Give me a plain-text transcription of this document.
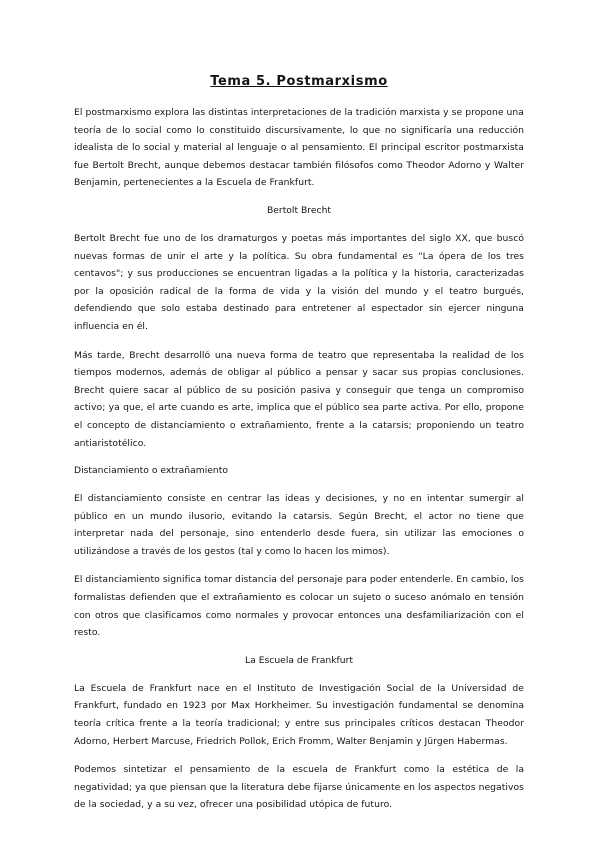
Tema 5. Postmarxismo

El postmarxismo explora las distintas interpretaciones de la tradición marxista y se propone una teoría de lo social como lo constituido discursivamente, lo que no significaría una reducción idealista de lo social y material al lenguaje o al pensamiento. El principal escritor postmarxista fue Bertolt Brecht, aunque debemos destacar también filósofos como Theodor Adorno y Walter Benjamin, pertenecientes a la Escuela de Frankfurt.

Bertolt Brecht

Bertolt Brecht fue uno de los dramaturgos y poetas más importantes del siglo XX, que buscó nuevas formas de unir el arte y la política. Su obra fundamental es "La ópera de los tres centavos"; y sus producciones se encuentran ligadas a la política y la historia, caracterizadas por la oposición radical de la forma de vida y la visión del mundo y el teatro burgués, defendiendo que solo estaba destinado para entretener al espectador sin ejercer ninguna influencia en él.

Más tarde, Brecht desarrolló una nueva forma de teatro que representaba la realidad de los tiempos modernos, además de obligar al público a pensar y sacar sus propias conclusiones. Brecht quiere sacar al público de su posición pasiva y conseguir que tenga un compromiso activo; ya que, el arte cuando es arte, implica que el público sea parte activa. Por ello, propone el concepto de distanciamiento o extrañamiento, frente a la catarsis; proponiendo un teatro antiaristotélico.

Distanciamiento o extrañamiento

El distanciamiento consiste en centrar las ideas y decisiones, y no en intentar sumergir al público en un mundo ilusorio, evitando la catarsis. Según Brecht, el actor no tiene que interpretar nada del personaje, sino entenderlo desde fuera, sin utilizar las emociones o utilizándose a través de los gestos (tal y como lo hacen los mimos).

El distanciamiento significa tomar distancia del personaje para poder entenderle. En cambio, los formalistas defienden que el extrañamiento es colocar un sujeto o suceso anómalo en tensión con otros que clasificamos como normales y provocar entonces una desfamiliarización con el resto.

La Escuela de Frankfurt

La Escuela de Frankfurt nace en el Instituto de Investigación Social de la Universidad de Frankfurt, fundado en 1923 por Max Horkheimer. Su investigación fundamental se denomina teoría crítica frente a la teoría tradicional; y entre sus principales críticos destacan Theodor Adorno, Herbert Marcuse, Friedrich Pollok, Erich Fromm, Walter Benjamin y Jürgen Habermas.

Podemos sintetizar el pensamiento de la escuela de Frankfurt como la estética de la negatividad; ya que piensan que la literatura debe fijarse únicamente en los aspectos negativos de la sociedad, y a su vez, ofrecer una posibilidad utópica de futuro.
